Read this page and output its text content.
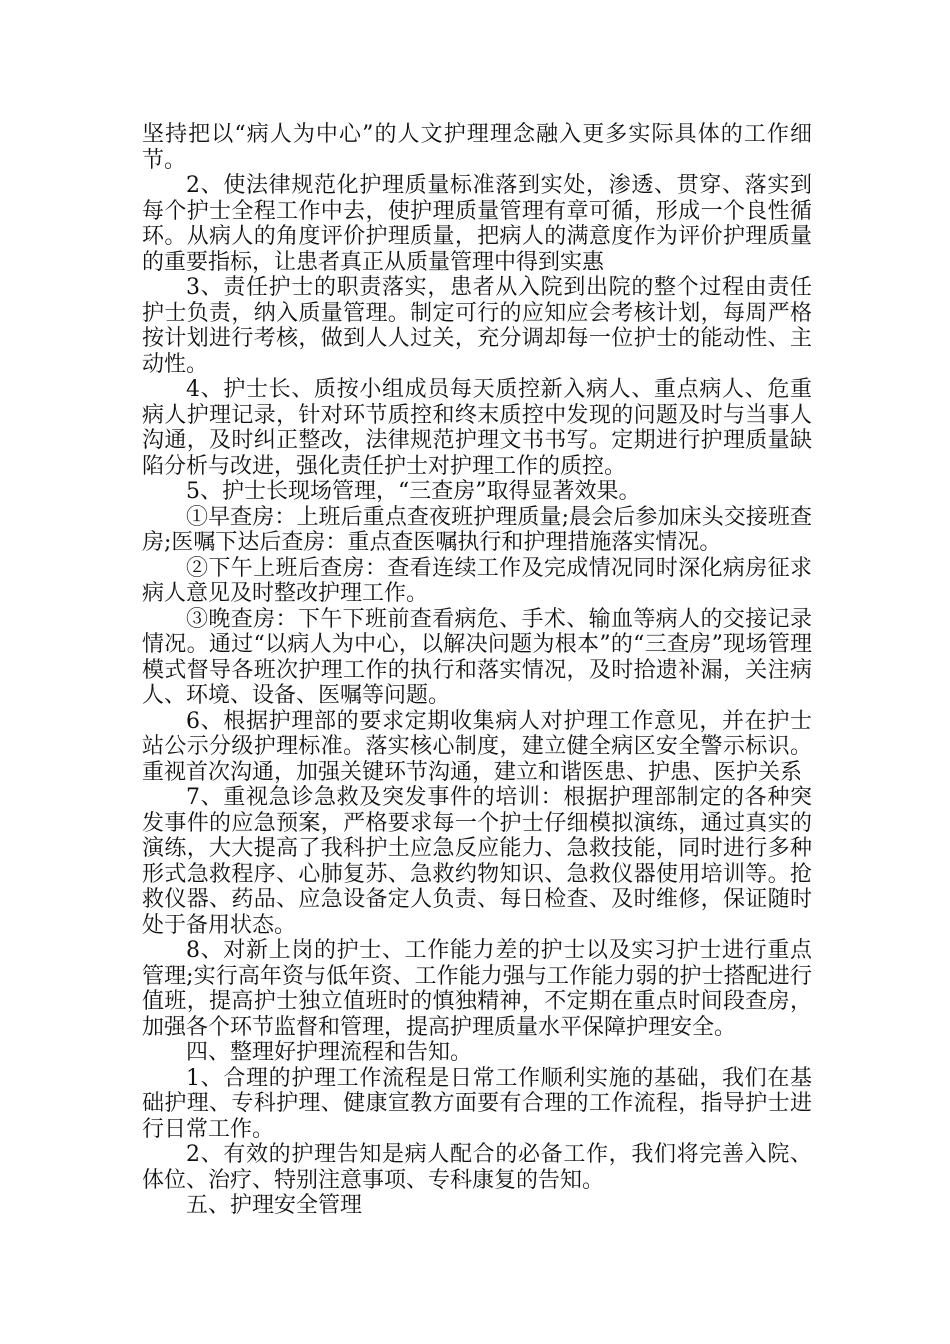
坚持把以“病人为中心”的人文护理理念融入更多实际具体的工作细节。

2、使法律规范化护理质量标准落到实处，渗透、贯穿、落实到每个护士全程工作中去，使护理质量管理有章可循，形成一个良性循环。从病人的角度评价护理质量，把病人的满意度作为评价护理质量的重要指标，让患者真正从质量管理中得到实惠

3、责任护士的职责落实，患者从入院到出院的整个过程由责任护士负责，纳入质量管理。制定可行的应知应会考核计划，每周严格按计划进行考核，做到人人过关，充分调却每一位护士的能动性、主动性。

4、护士长、质按小组成员每天质控新入病人、重点病人、危重病人护理记录，针对环节质控和终末质控中发现的问题及时与当事人沟通，及时纠正整改，法律规范护理文书书写。定期进行护理质量缺陷分析与改进，强化责任护士对护理工作的质控。

5、护士长现场管理，“三查房”取得显著效果。

①早查房：上班后重点查夜班护理质量;晨会后参加床头交接班查房;医嘱下达后查房：重点查医嘱执行和护理措施落实情况。

②下午上班后查房：查看连续工作及完成情况同时深化病房征求病人意见及时整改护理工作。

③晚查房：下午下班前查看病危、手术、输血等病人的交接记录情况。通过“以病人为中心，以解决问题为根本”的“三查房”现场管理模式督导各班次护理工作的执行和落实情况，及时拾遗补漏，关注病人、环境、设备、医嘱等问题。

6、根据护理部的要求定期收集病人对护理工作意见，并在护士站公示分级护理标准。落实核心制度，建立健全病区安全警示标识。重视首次沟通，加强关键环节沟通，建立和谐医患、护患、医护关系

7、重视急诊急救及突发事件的培训：根据护理部制定的各种突发事件的应急预案，严格要求每一个护士仔细模拟演练，通过真实的演练，大大提高了我科护土应急反应能力、急救技能，同时进行多种形式急救程序、心肺复苏、急救约物知识、急救仪器使用培训等。抢救仪器、药品、应急设备定人负责、每日检查、及时维修，保证随时处于备用状态。

8、对新上岗的护士、工作能力差的护士以及实习护士进行重点管理;实行高年资与低年资、工作能力强与工作能力弱的护士搭配进行值班，提高护士独立值班时的慎独精神，不定期在重点时间段查房，加强各个环节监督和管理，提高护理质量水平保障护理安全。

四、整理好护理流程和告知。

1、合理的护理工作流程是日常工作顺利实施的基础，我们在基础护理、专科护理、健康宣教方面要有合理的工作流程，指导护士进行日常工作。

2、有效的护理告知是病人配合的必备工作，我们将完善入院、体位、治疗、特别注意事项、专科康复的告知。

五、护理安全管理
